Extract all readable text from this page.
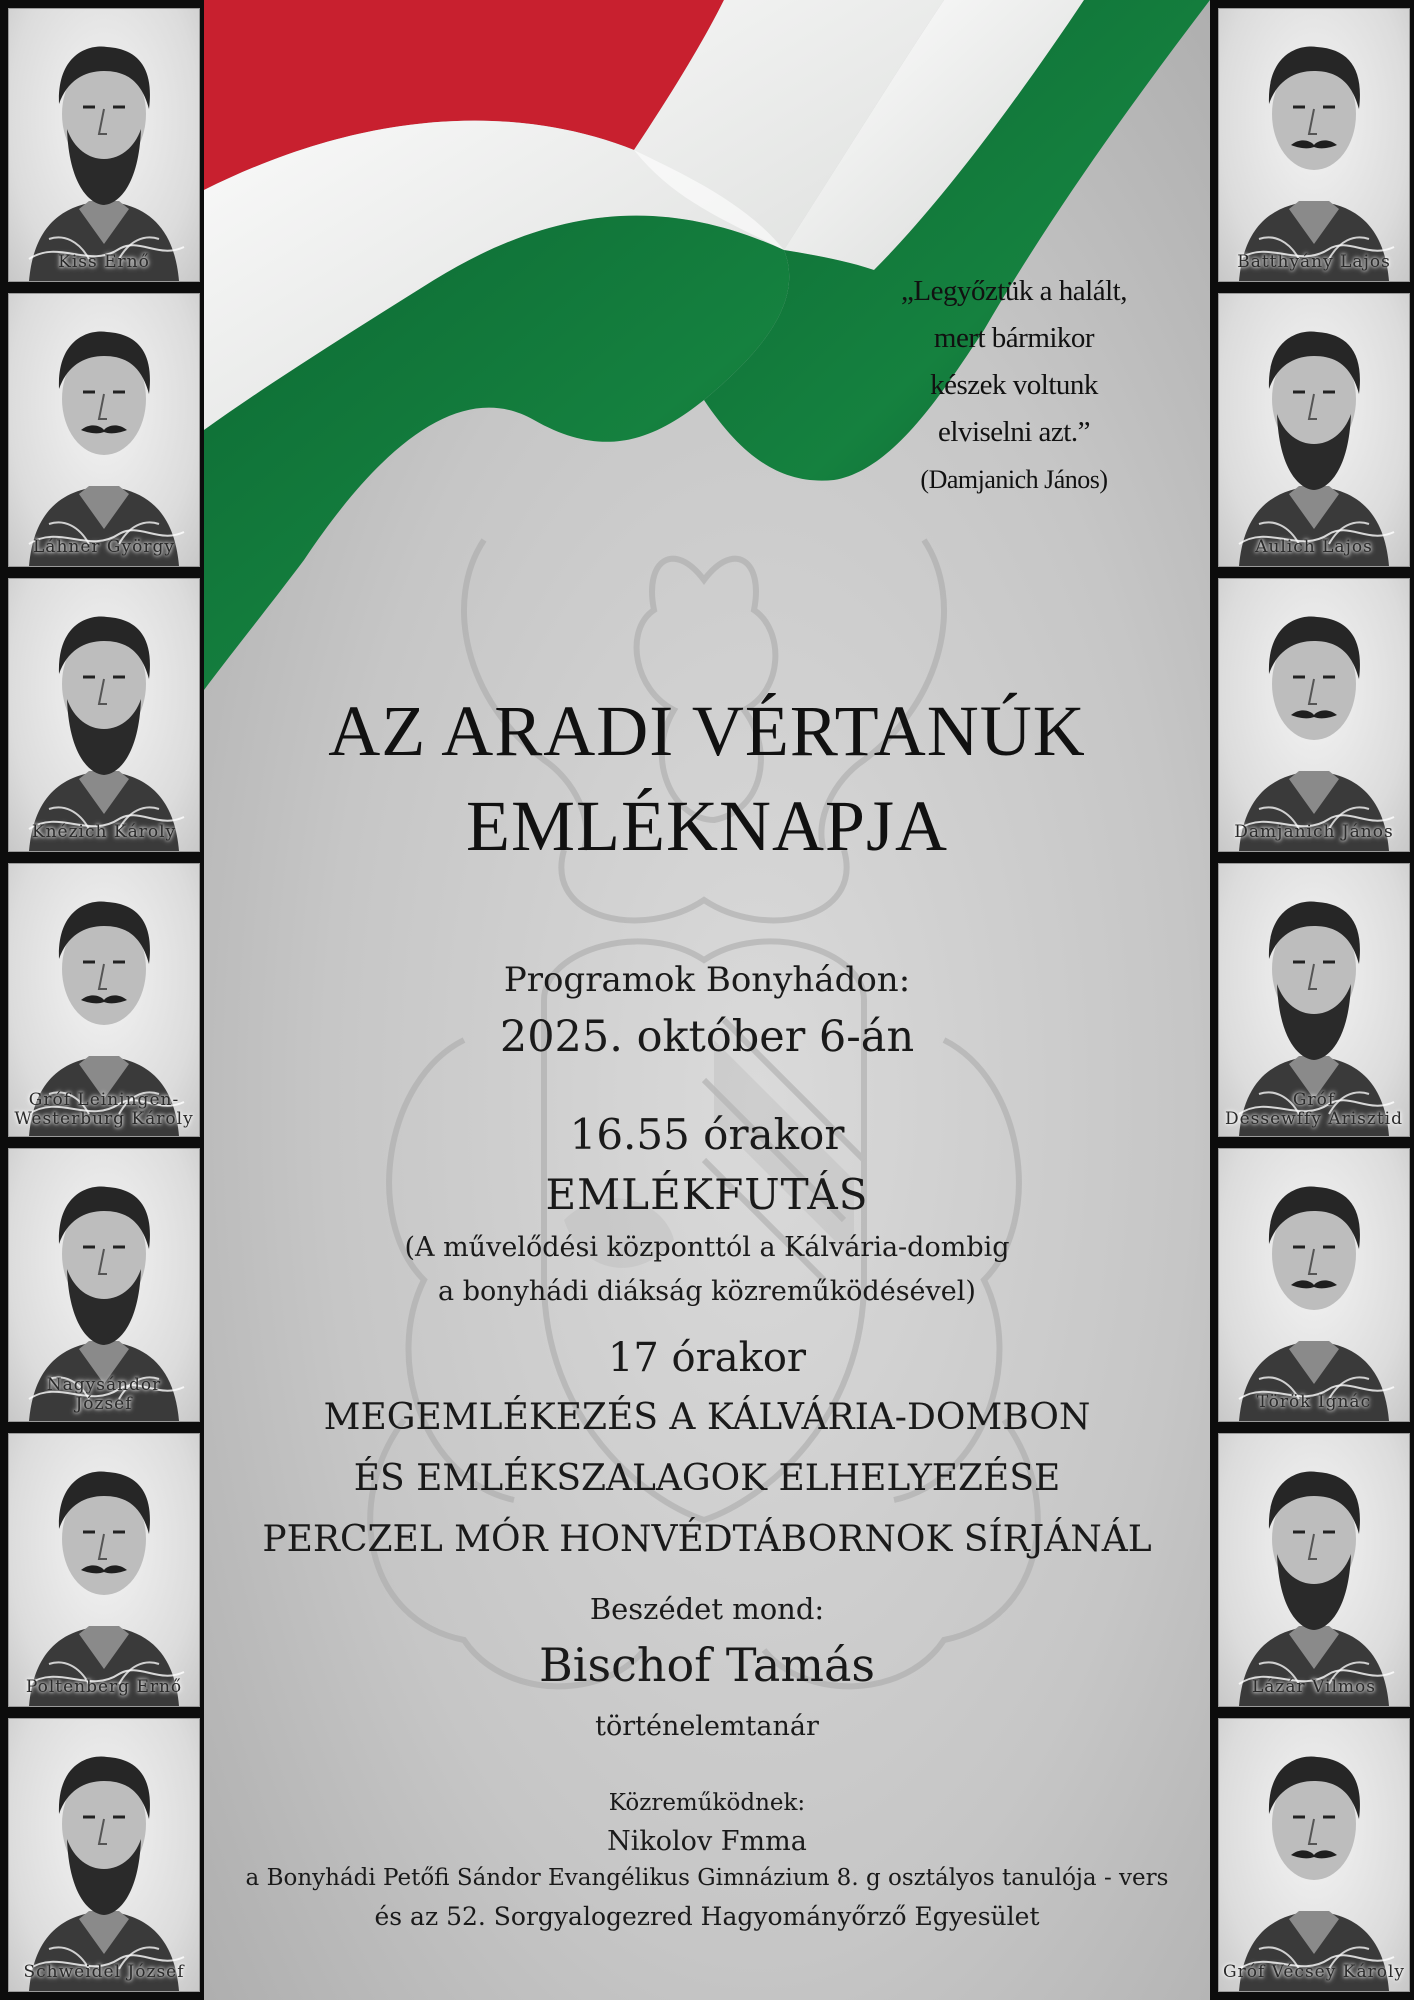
Kiss Ernő
Láhner György
Knézich Károly
Gróf Leiningen-
Westerburg Károly
Nagysándor
József
Poltenberg Ernő
Schweidel József
Batthyány Lajos
Aulich Lajos
Damjanich János
Gróf
Dessewffy Arisztid
Török Ignác
Lázár Vilmos
Gróf Vécsey Károly
„Legyőztük a halált,
mert bármikor
készek voltunk
elviselni azt.”
(Damjanich János)
AZ ARADI VÉRTANÚK
EMLÉKNAPJA
Programok Bonyhádon:
2025. október 6-án
16.55 órakor
EMLÉKFUTÁS
(A művelődési központtól a Kálvária-dombig
a bonyhádi diákság közreműködésével)
17 órakor
MEGEMLÉKEZÉS A KÁLVÁRIA-DOMBON
ÉS EMLÉKSZALAGOK ELHELYEZÉSE
PERCZEL MÓR HONVÉDTÁBORNOK SÍRJÁNÁL
Beszédet mond:
Bischof Tamás
történelemtanár
Közreműködnek:
Nikolov Fmma
a Bonyhádi Petőfi Sándor Evangélikus Gimnázium 8. g osztályos tanulója - vers
és az 52. Sorgyalogezred Hagyományőrző Egyesület
